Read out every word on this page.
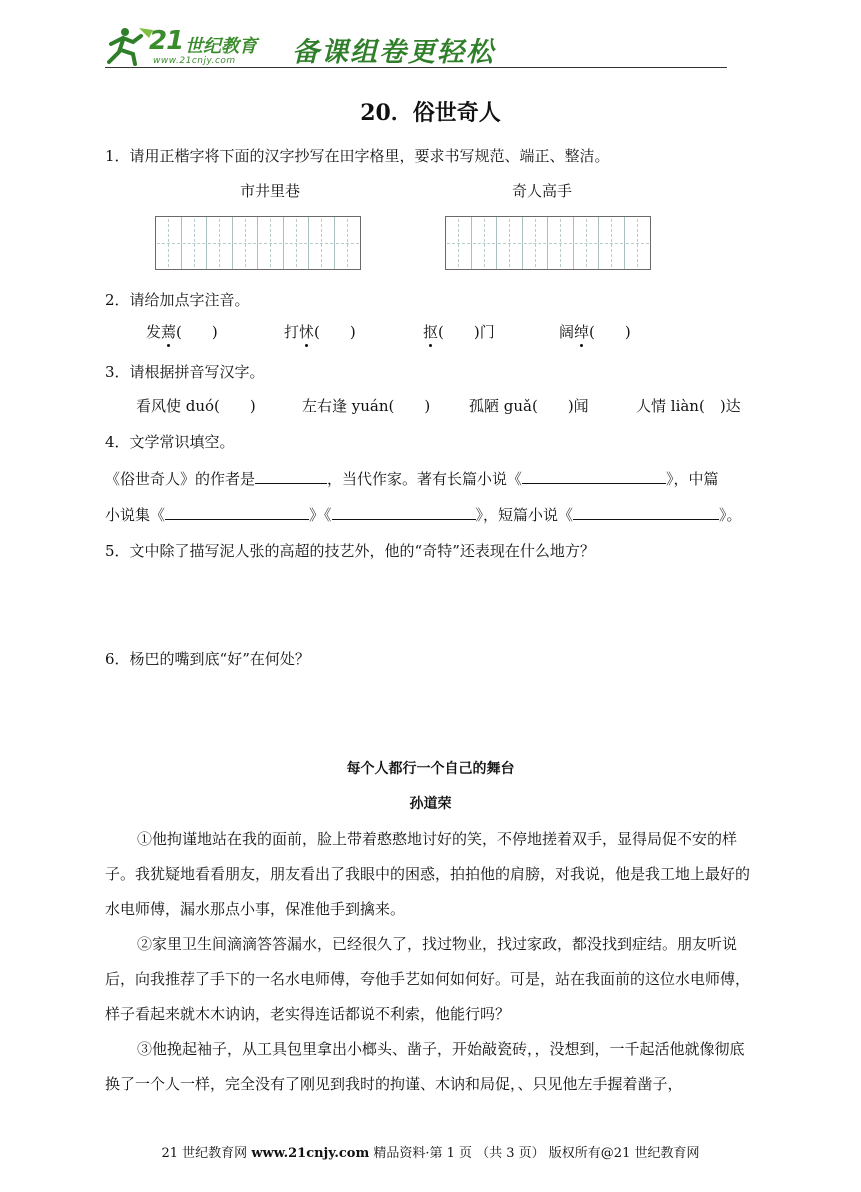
21 世纪教育
www.21cnjy.com 备课组卷更轻松
20．俗世奇人
1．请用正楷字将下面的汉字抄写在田字格里，要求书写规范、端正、整洁。
市井里巷	奇人高手
2．请给加点字注音。
发蔫(　　)	打怵(　　)	抠(　　)门	阔绰(　　)
3．请根据拼音写汉字。
看风使 duó(　　)	左右逢 yuán(　　)	孤陋 guǎ(　　)闻	人情 liàn(　)达
4．文学常识填空。
《俗世奇人》的作者是	，当代作家。著有长篇小说《	》，中篇
小说集《	》《	》，短篇小说《	》。
5．文中除了描写泥人张的高超的技艺外，他的“奇特”还表现在什么地方？
6．杨巴的嘴到底“好”在何处？
每个人都行一个自己的舞台
孙道荣
①他拘谨地站在我的面前，脸上带着憨憨地讨好的笑，不停地搓着双手，显得局促不安的样子。我犹疑地看看朋友，朋友看出了我眼中的困惑，拍拍他的肩膀，对我说，他是我工地上最好的水电师傅，漏水那点小事，保准他手到擒来。
②家里卫生间滴滴答答漏水，已经很久了，找过物业，找过家政，都没找到症结。朋友听说后，向我推荐了手下的一名水电师傅，夸他手艺如何如何好。可是，站在我面前的这位水电师傅，样子看起来就木木讷讷，老实得连话都说不利索，他能行吗？
③他挽起袖子，从工具包里拿出小榔头、凿子，开始敲瓷砖，，没想到，一千起活他就像彻底换了一个人一样，完全没有了刚见到我时的拘谨、木讷和局促，、只见他左手握着凿子，
21 世纪教育网 www.21cnjy.com 精品资料·第 1 页 （共 3 页） 版权所有@21 世纪教育网
